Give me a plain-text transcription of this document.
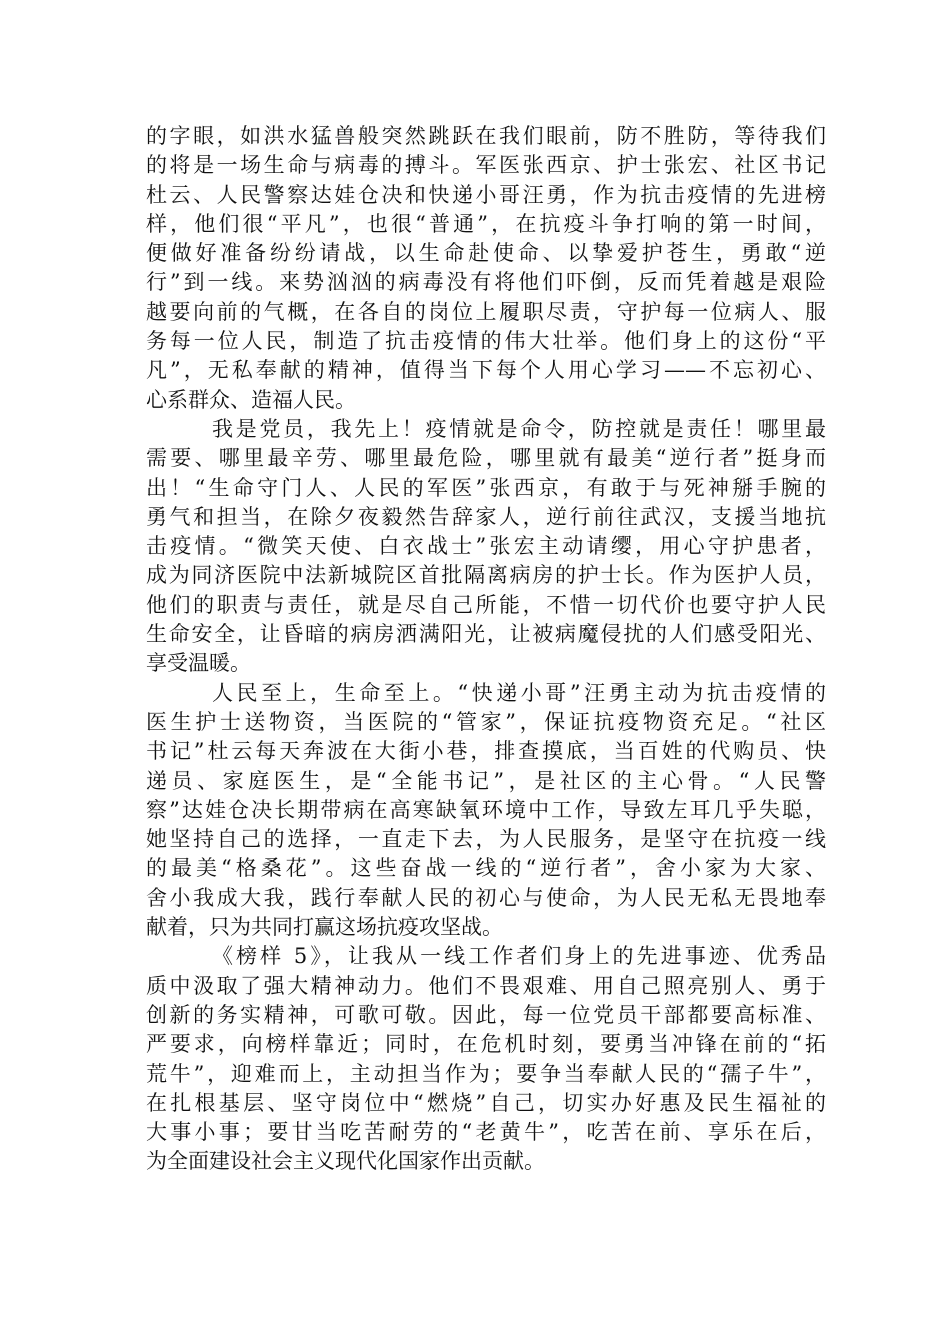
的字眼，如洪水猛兽般突然跳跃在我们眼前，防不胜防，等待我们
的将是一场生命与病毒的搏斗。军医张西京、护士张宏、社区书记
杜云、人民警察达娃仓决和快递小哥汪勇，作为抗击疫情的先进榜
样，他们很“平凡”，也很“普通”，在抗疫斗争打响的第一时间，
便做好准备纷纷请战，以生命赴使命、以挚爱护苍生，勇敢“逆
行”到一线。来势汹汹的病毒没有将他们吓倒，反而凭着越是艰险
越要向前的气概，在各自的岗位上履职尽责，守护每一位病人、服
务每一位人民，制造了抗击疫情的伟大壮举。他们身上的这份“平
凡”，无私奉献的精神，值得当下每个人用心学习——不忘初心、
心系群众、造福人民。
我是党员，我先上！疫情就是命令，防控就是责任！哪里最
需要、哪里最辛劳、哪里最危险，哪里就有最美“逆行者”挺身而
出！“生命守门人、人民的军医”张西京，有敢于与死神掰手腕的
勇气和担当，在除夕夜毅然告辞家人，逆行前往武汉，支援当地抗
击疫情。“微笑天使、白衣战士”张宏主动请缨，用心守护患者，
成为同济医院中法新城院区首批隔离病房的护士长。作为医护人员，
他们的职责与责任，就是尽自己所能，不惜一切代价也要守护人民
生命安全，让昏暗的病房洒满阳光，让被病魔侵扰的人们感受阳光、
享受温暖。
人民至上，生命至上。“快递小哥”汪勇主动为抗击疫情的
医生护士送物资，当医院的“管家”，保证抗疫物资充足。“社区
书记”杜云每天奔波在大街小巷，排查摸底，当百姓的代购员、快
递员、家庭医生，是“全能书记”，是社区的主心骨。“人民警
察”达娃仓决长期带病在高寒缺氧环境中工作，导致左耳几乎失聪，
她坚持自己的选择，一直走下去，为人民服务，是坚守在抗疫一线
的最美“格桑花”。这些奋战一线的“逆行者”，舍小家为大家、
舍小我成大我，践行奉献人民的初心与使命，为人民无私无畏地奉
献着，只为共同打赢这场抗疫攻坚战。
《榜样 5》，让我从一线工作者们身上的先进事迹、优秀品
质中汲取了强大精神动力。他们不畏艰难、用自己照亮别人、勇于
创新的务实精神，可歌可敬。因此，每一位党员干部都要高标准、
严要求，向榜样靠近；同时，在危机时刻，要勇当冲锋在前的“拓
荒牛”，迎难而上，主动担当作为；要争当奉献人民的“孺子牛”，
在扎根基层、坚守岗位中“燃烧”自己，切实办好惠及民生福祉的
大事小事；要甘当吃苦耐劳的“老黄牛”，吃苦在前、享乐在后，
为全面建设社会主义现代化国家作出贡献。
